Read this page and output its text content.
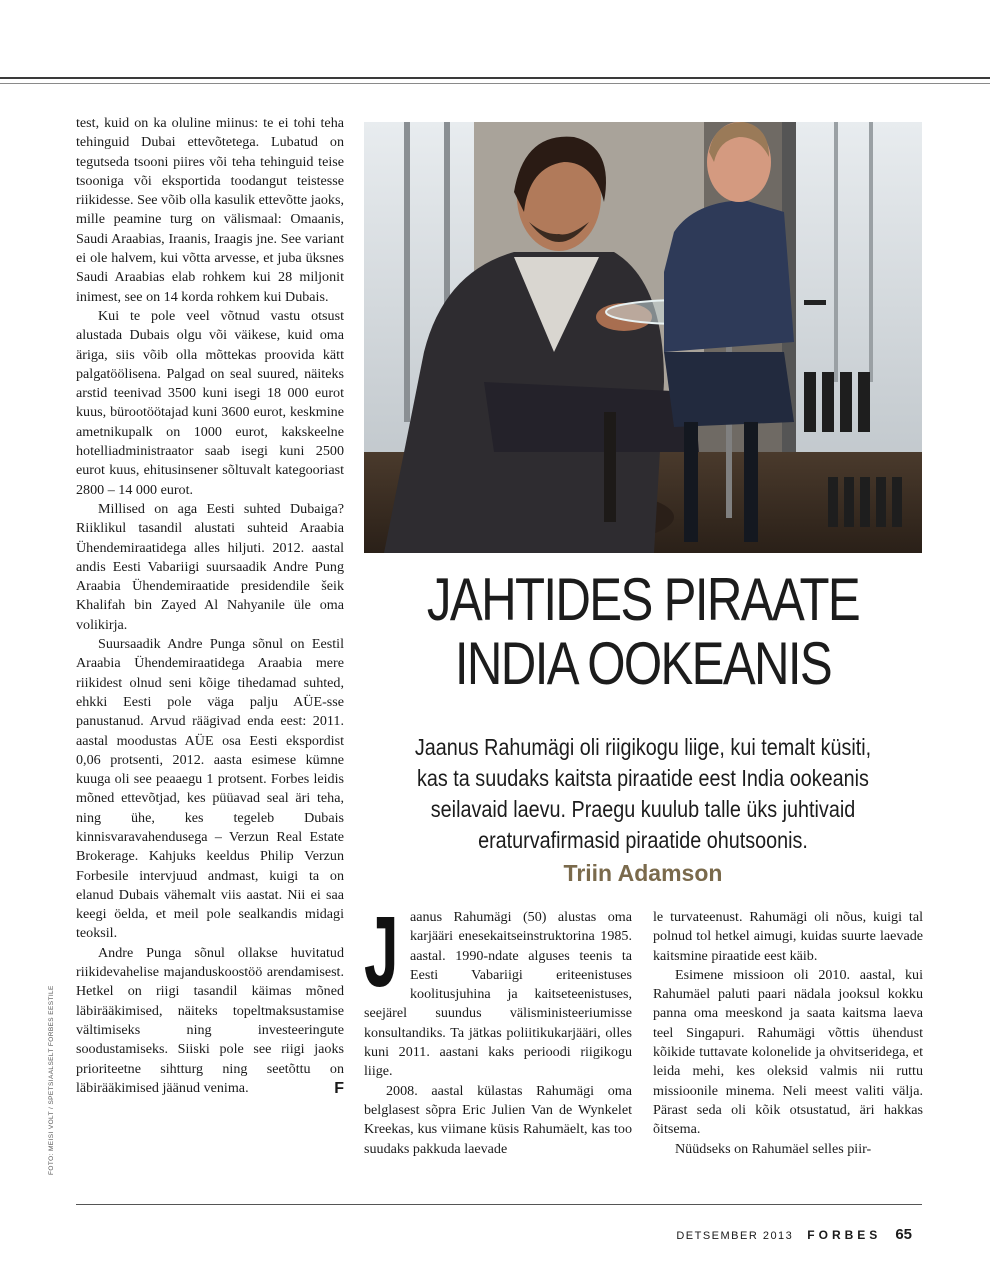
test, kuid on ka oluline miinus: te ei tohi teha tehinguid Dubai ettevõtetega. Lubatud on tegutseda tsooni piires või teha tehinguid teise tsooniga või eksportida toodangut teistesse riikidesse. See võib olla kasulik ettevõtte jaoks, mille peamine turg on välismaal: Omaanis, Saudi Araabias, Iraanis, Iraagis jne. See variant ei ole halvem, kui võtta arvesse, et juba üksnes Saudi Araabias elab rohkem kui 28 miljonit inimest, see on 14 korda rohkem kui Dubais.

Kui te pole veel võtnud vastu otsust alustada Dubais olgu või väikese, kuid oma äriga, siis võib olla mõttekas proovida kätt palgatöölisena. Palgad on seal suured, näiteks arstid teenivad 3500 kuni isegi 18 000 eurot kuus, bürootöötajad kuni 3600 eurot, keskmine ametnikupalk on 1000 eurot, kakskeelne hotelliadministraator saab isegi kuni 2500 eurot kuus, ehitusinsener sõltuvalt kategooriast 2800 – 14 000 eurot.

Millised on aga Eesti suhted Dubaiga? Riiklikul tasandil alustati suhteid Araabia Ühendemiraatidega alles hiljuti. 2012. aastal andis Eesti Vabariigi suursaadik Andre Pung Araabia Ühendemiraatide presidendile šeik Khalifah bin Zayed Al Nahyanile üle oma volikirja.

Suursaadik Andre Punga sõnul on Eestil Araabia Ühendemiraatidega Araabia mere riikidest olnud seni kõige tihedamad suhted, ehkki Eesti pole väga palju AÜE-sse panustanud. Arvud räägivad enda eest: 2011. aastal moodustas AÜE osa Eesti ekspordist 0,06 protsenti, 2012. aasta esimese kümne kuuga oli see peaaegu 1 protsent. Forbes leidis mõned ettevõtjad, kes püüavad seal äri teha, ning ühe, kes tegeleb Dubais kinnisvaravahendusega – Verzun Real Estate Brokerage. Kahjuks keeldus Philip Verzun Forbesile intervjuud andmast, kuigi ta on elanud Dubais vähemalt viis aastat. Nii ei saa keegi öelda, et meil pole sealkandis midagi teoksil.

Andre Punga sõnul ollakse huvitatud riikidevahelise majanduskoostöö arendamisest. Hetkel on riigi tasandil käimas mõned läbirääkimised, näiteks topeltmaksustamise vältimiseks ning investeeringute soodustamiseks. Siiski pole see riigi jaoks prioriteetne sihtturg ning seetõttu on läbirääkimised jäänud venima.	F

JAHTIDES PIRAATE
INDIA OOKEANIS
Jaanus Rahumägi oli riigikogu liige, kui temalt küsiti,
kas ta suudaks kaitsta piraatide eest India ookeanis
seilavaid laevu. Praegu kuulub talle üks juhtivaid
eraturvafirmasid piraatide ohutsoonis.
Triin Adamson

Jaanus Rahumägi (50) alustas oma karjääri enesekaitseinstruktorina 1985. aastal. 1990-ndate alguses teenis ta Eesti Vabariigi eriteenistuses koolitusjuhina ja kaitseteenistuses, seejärel suundus välisministeeriumisse konsultandiks. Ta jätkas poliitikukarjääri, olles kuni 2011. aastani kaks perioodi riigikogu liige.

2008. aastal külastas Rahumägi oma belglasest sõpra Eric Julien Van de Wynkelet Kreekas, kus viimane küsis Rahumäelt, kas too suudaks pakkuda laevade

le turvateenust. Rahumägi oli nõus, kuigi tal polnud tol hetkel aimugi, kuidas suurte laevade kaitsmine piraatide eest käib.

Esimene missioon oli 2010. aastal, kui Rahumäel paluti paari nädala jooksul kokku panna oma meeskond ja saata kaitsma laeva teel Singapuri. Rahumägi võttis ühendust kõikide tuttavate kolonelide ja ohvitseridega, et leida mehi, kes oleksid valmis nii ruttu missioonile minema. Neli meest valiti välja. Pärast seda oli kõik otsustatud, äri hakkas õitsema.

Nüüdseks on Rahumäel selles piir-

FOTO: MEISI VOLT / SPETSIAALSELT FORBES EESTILE
DETSEMBER 2013 FORBES 65
